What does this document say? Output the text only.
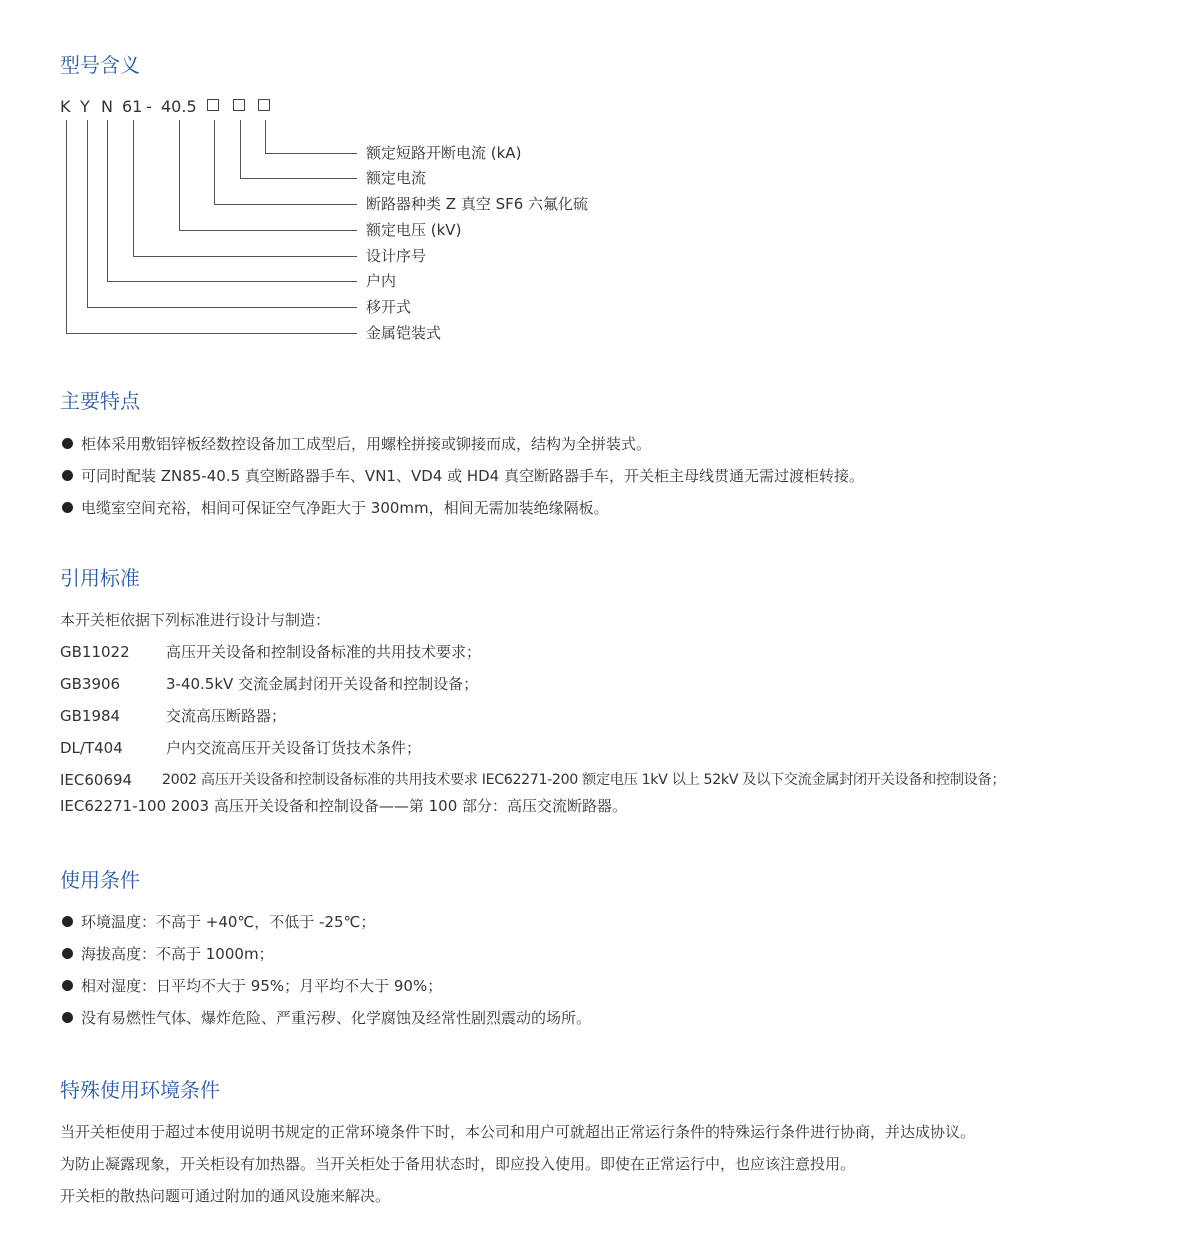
型号含义
K Y N 61 - 40.5
额定短路开断电流 (kA)
额定电流
断路器种类 Z 真空 SF6 六氟化硫
额定电压 (kV)
设计序号
户内
移开式
金属铠装式
主要特点
柜体采用敷铝锌板经数控设备加工成型后，用螺栓拼接或铆接而成，结构为全拼装式。
可同时配装 ZN85-40.5 真空断路器手车、VN1、VD4 或 HD4 真空断路器手车，开关柜主母线贯通无需过渡柜转接。
电缆室空间充裕，相间可保证空气净距大于 300mm，相间无需加装绝缘隔板。
引用标准
本开关柜依据下列标准进行设计与制造：
GB11022 高压开关设备和控制设备标准的共用技术要求；
GB3906	3-40.5kV 交流金属封闭开关设备和控制设备；
GB1984	交流高压断路器；
DL/T404	户内交流高压开关设备订货技术条件；
IEC60694 2002 高压开关设备和控制设备标准的共用技术要求 IEC62271-200 额定电压 1kV 以上 52kV 及以下交流金属封闭开关设备和控制设备；
IEC62271-100 2003 高压开关设备和控制设备——第 100 部分：高压交流断路器。
使用条件
环境温度：不高于 +40℃，不低于 -25℃；
海拔高度：不高于 1000m；
相对湿度：日平均不大于 95%；月平均不大于 90%；
没有易燃性气体、爆炸危险、严重污秽、化学腐蚀及经常性剧烈震动的场所。
特殊使用环境条件
当开关柜使用于超过本使用说明书规定的正常环境条件下时，本公司和用户可就超出正常运行条件的特殊运行条件进行协商，并达成协议。
为防止凝露现象，开关柜设有加热器。当开关柜处于备用状态时，即应投入使用。即使在正常运行中，也应该注意投用。
开关柜的散热问题可通过附加的通风设施来解决。
